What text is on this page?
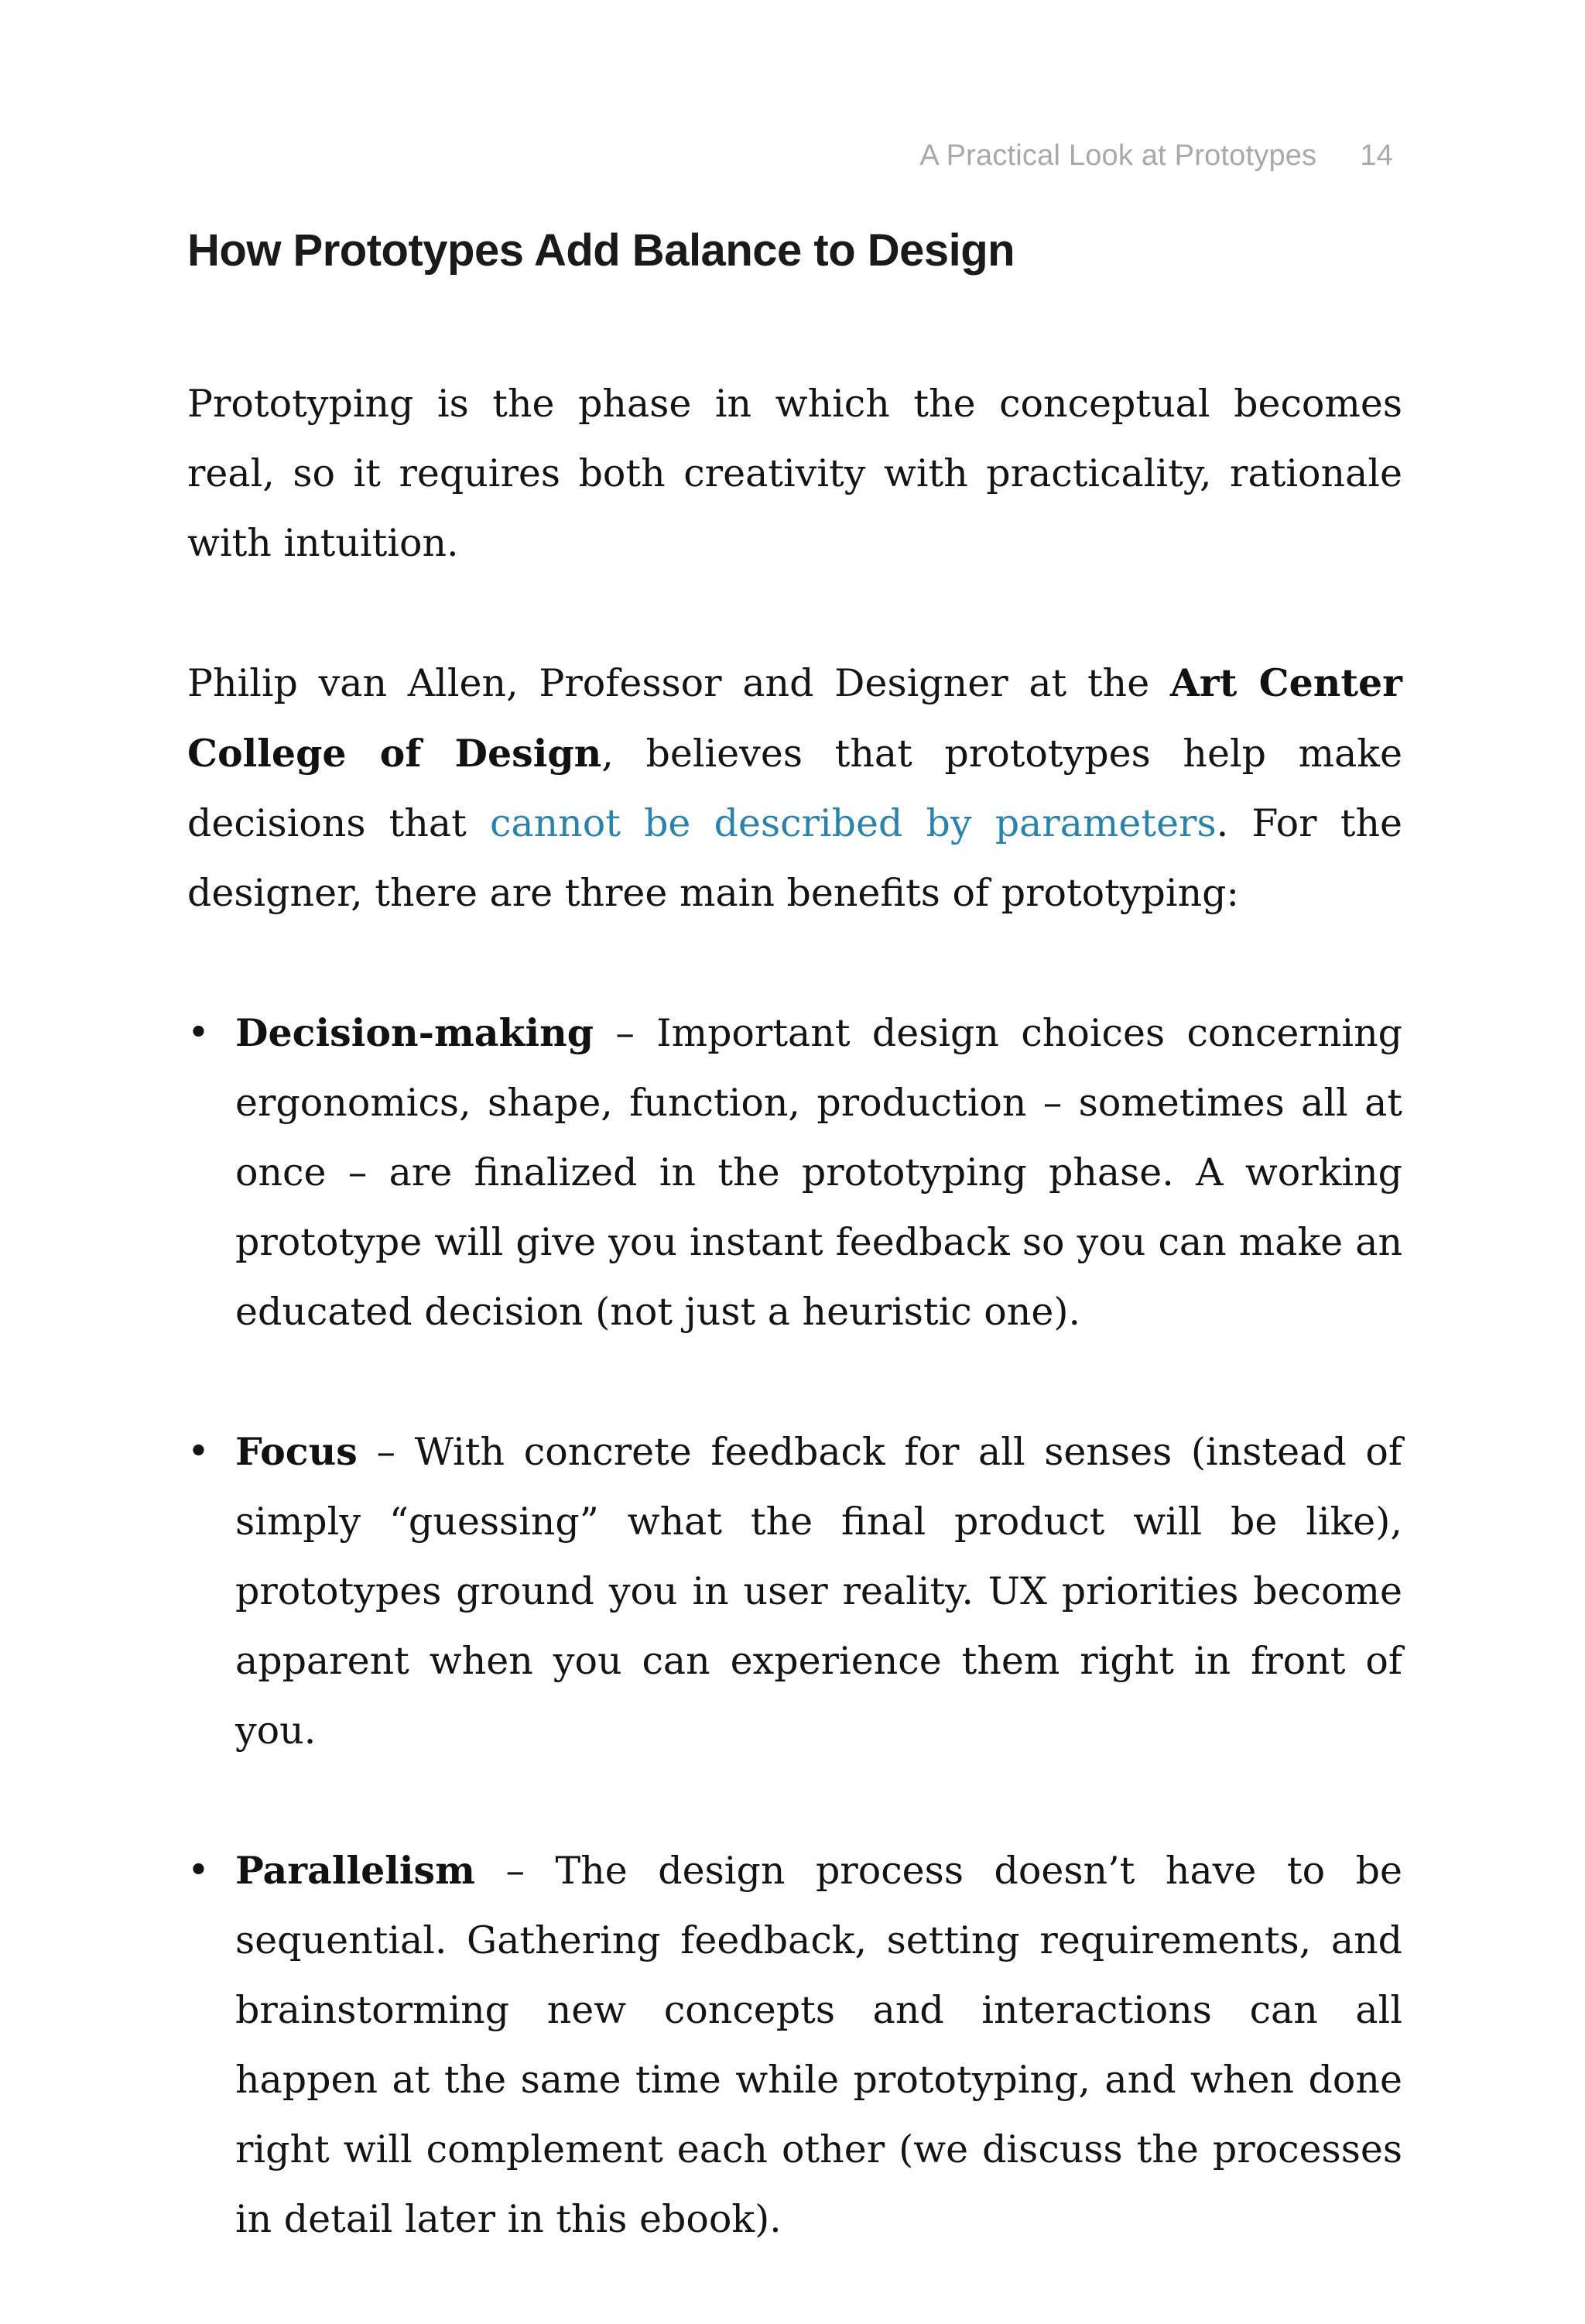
A Practical Look at Prototypes 14
How Prototypes Add Balance to Design

Prototyping is the phase in which the conceptual becomes real, so it requires both creativity with practicality, rationale with intuition.

Philip van Allen, Professor and Designer at the Art Center College of Design, believes that prototypes help make decisions that cannot be described by parameters. For the designer, there are three main benefits of prototyping:

• Decision-making – Important design choices concerning ergonomics, shape, function, production – sometimes all at once – are finalized in the prototyping phase. A working prototype will give you instant feedback so you can make an educated decision (not just a heuristic one).
• Focus – With concrete feedback for all senses (instead of simply “guessing” what the final product will be like), prototypes ground you in user reality. UX priorities become apparent when you can experience them right in front of you.
• Parallelism – The design process doesn’t have to be sequential. Gathering feedback, setting requirements, and brainstorming new concepts and interactions can all happen at the same time while prototyping, and when done right will complement each other (we discuss the processes in detail later in this ebook).
